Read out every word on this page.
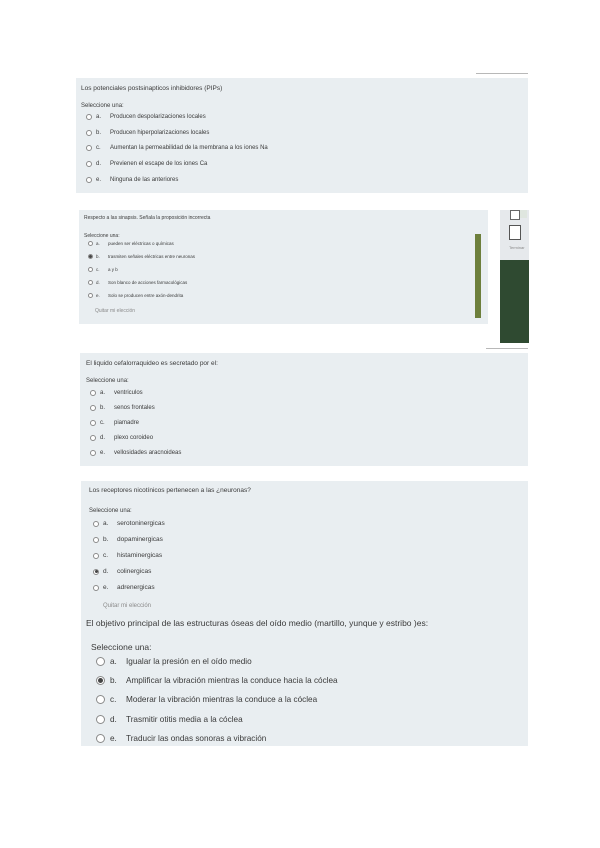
Los potenciales postsinapticos inhibidores (PIPs)
Seleccione una:
a.	Producen despolarizaciones locales
b.	Producen hiperpolarizaciones locales
c.	Aumentan la permeabilidad de la membrana a los iones Na
d.	Previenen el escape de los iones Ca
e.	Ninguna de las anteriores
Terminar
Respecto a las sinapsis. Señala la proposición incorrecta
Seleccione una:
a.	pueden ser eléctricas o químicas
b.	trasmiten señales eléctricas entre neuronas
c.	a y b
d.	Son blanco de acciones farmacológicas
e.	Solo se producen entre axón-dendrita
Quitar mi elección
El liquido cefalorraquideo es secretado por el:
Seleccione una:
a.	ventriculos
b.	senos frontales
c.	piamadre
d.	plexo coroideo
e.	vellosidades aracnoideas
Los receptores nicotínicos pertenecen a las ¿neuronas?
Seleccione una:
a.	serotoninergicas
b.	dopaminergicas
c.	histaminergicas
d.	colinergicas
e.	adrenergicas
Quitar mi elección
El objetivo principal de las estructuras óseas del oído medio (martillo, yunque y estribo )es:
Seleccione una:
a.	Igualar la presión en el oído medio
b.	Amplificar la vibración mientras la conduce hacia la cóclea
c.	Moderar la vibración mientras la conduce a la cóclea
d.	Trasmitir otitis media a la cóclea
e.	Traducir las ondas sonoras a vibración
